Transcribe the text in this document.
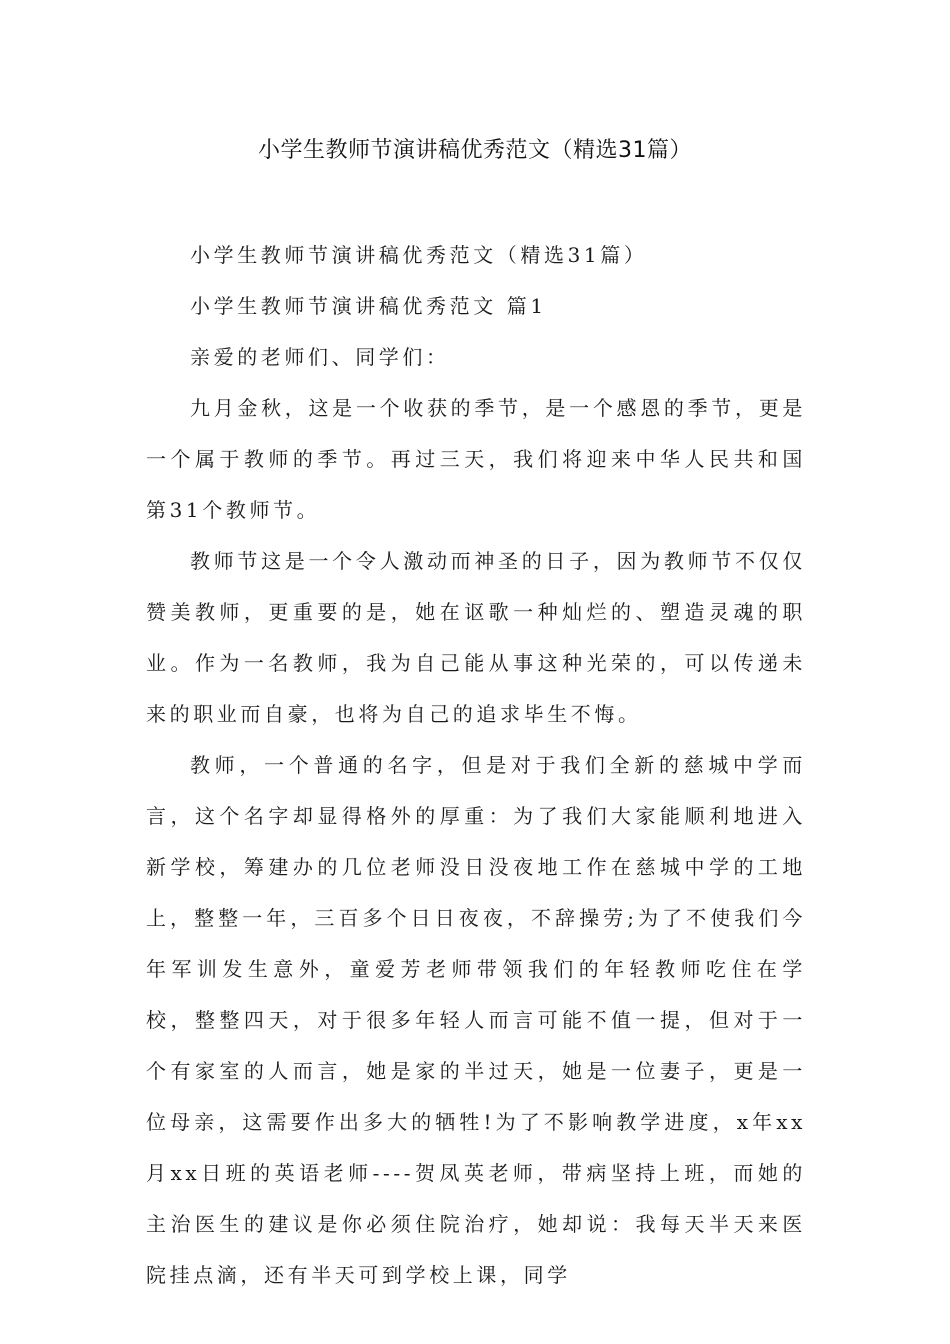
小学生教师节演讲稿优秀范文（精选31篇）

小学生教师节演讲稿优秀范文（精选31篇）

小学生教师节演讲稿优秀范文 篇1

亲爱的老师们、同学们：

九月金秋，这是一个收获的季节，是一个感恩的季节，更是一个属于教师的季节。再过三天，我们将迎来中华人民共和国第31个教师节。

教师节这是一个令人激动而神圣的日子，因为教师节不仅仅赞美教师，更重要的是，她在讴歌一种灿烂的、塑造灵魂的职业。作为一名教师，我为自己能从事这种光荣的，可以传递未来的职业而自豪，也将为自己的追求毕生不悔。

教师，一个普通的名字，但是对于我们全新的慈城中学而言，这个名字却显得格外的厚重：为了我们大家能顺利地进入新学校，筹建办的几位老师没日没夜地工作在慈城中学的工地上，整整一年，三百多个日日夜夜，不辞操劳;为了不使我们今年军训发生意外，童爱芳老师带领我们的年轻教师吃住在学校，整整四天，对于很多年轻人而言可能不值一提，但对于一个有家室的人而言，她是家的半过天，她是一位妻子，更是一位母亲，这需要作出多大的牺牲!为了不影响教学进度，x年xx月xx日班的英语老师----贺凤英老师，带病坚持上班，而她的主治医生的建议是你必须住院治疗，她却说：我每天半天来医院挂点滴，还有半天可到学校上课，同学
